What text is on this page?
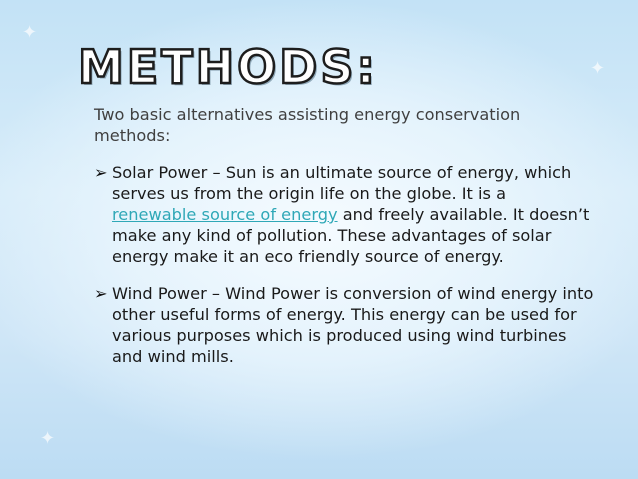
✦
✦
✦
METHODS:

Two basic alternatives assisting energy conservation methods:

➢ Solar Power – Sun is an ultimate source of energy, which serves us from the origin life on the globe. It is a renewable source of energy and freely available. It doesn’t make any kind of pollution. These advantages of solar energy make it an eco friendly source of energy.

➢ Wind Power – Wind Power is conversion of wind energy into other useful forms of energy. This energy can be used for various purposes which is produced using wind turbines and wind mills.
